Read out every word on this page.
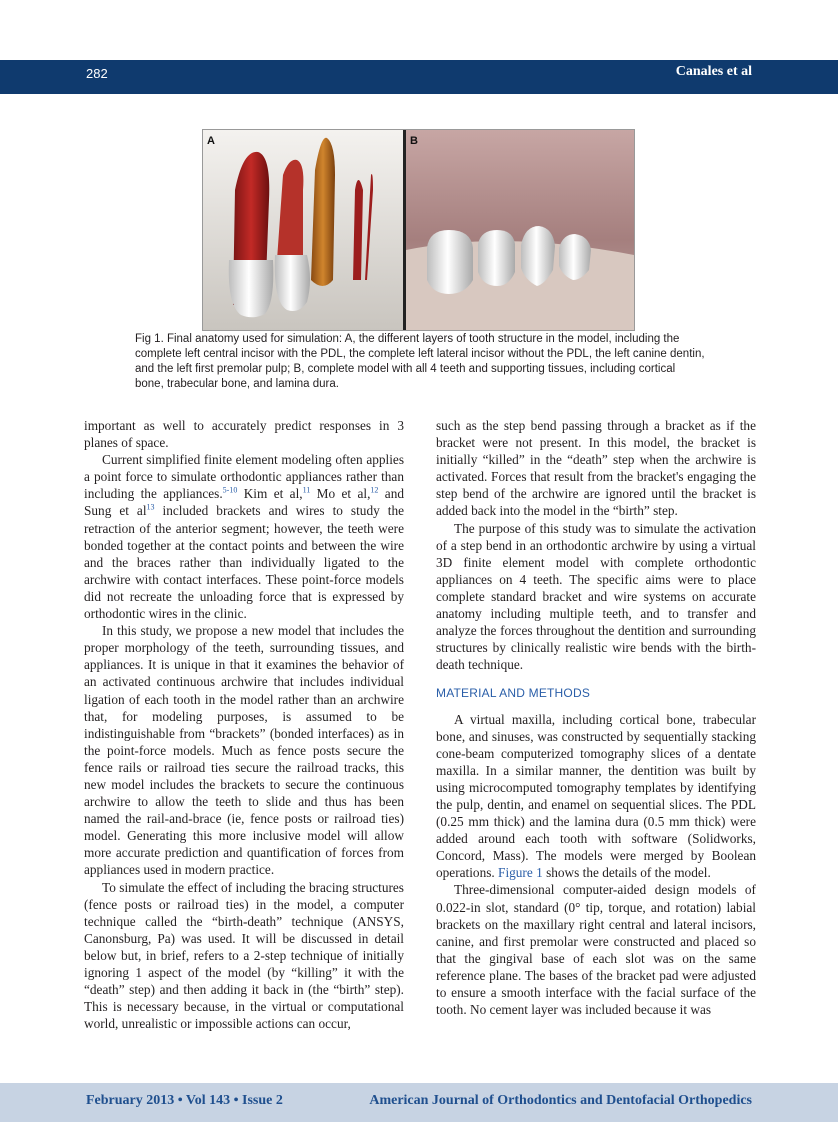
282	Canales et al
A	B
Fig 1. Final anatomy used for simulation: A, the different layers of tooth structure in the model, including the complete left central incisor with the PDL, the complete left lateral incisor without the PDL, the left canine dentin, and the left first premolar pulp; B, complete model with all 4 teeth and supporting tissues, including cortical bone, trabecular bone, and lamina dura.

important as well to accurately predict responses in 3 planes of space.

Current simplified finite element modeling often applies a point force to simulate orthodontic appliances rather than including the appliances.$^{5-10}$ Kim et al,$^{11}$ Mo et al,$^{12}$ and Sung et $al^{13}$ included brackets and wires to study the retraction of the anterior segment; however, the teeth were bonded together at the contact points and between the wire and the braces rather than individually ligated to the archwire with contact interfaces. These point-force models did not recreate the unloading force that is expressed by orthodontic wires in the clinic.

In this study, we propose a new model that includes the proper morphology of the teeth, surrounding tissues, and appliances. It is unique in that it examines the behavior of an activated continuous archwire that includes individual ligation of each tooth in the model rather than an archwire that, for modeling purposes, is assumed to be indistinguishable from “brackets” (bonded interfaces) as in the point-force models. Much as fence posts secure the fence rails or railroad ties secure the railroad tracks, this new model includes the brackets to secure the continuous archwire to allow the teeth to slide and thus has been named the rail-and-brace (ie, fence posts or railroad ties) model. Generating this more inclusive model will allow more accurate prediction and quantification of forces from appliances used in modern practice.

To simulate the effect of including the bracing structures (fence posts or railroad ties) in the model, a computer technique called the “birth-death” technique (ANSYS, Canonsburg, Pa) was used. It will be discussed in detail below but, in brief, refers to a 2-step technique of initially ignoring 1 aspect of the model (by “killing” it with the “death” step) and then adding it back in (the “birth” step). This is necessary because, in the virtual or computational world, unrealistic or impossible actions can occur,

such as the step bend passing through a bracket as if the bracket were not present. In this model, the bracket is initially “killed” in the “death” step when the archwire is activated. Forces that result from the bracket's engaging the step bend of the archwire are ignored until the bracket is added back into the model in the “birth” step.

The purpose of this study was to simulate the activation of a step bend in an orthodontic archwire by using a virtual 3D finite element model with complete orthodontic appliances on 4 teeth. The specific aims were to place complete standard bracket and wire systems on accurate anatomy including multiple teeth, and to transfer and analyze the forces throughout the dentition and surrounding structures by clinically realistic wire bends with the birth-death technique.

MATERIAL AND METHODS

A virtual maxilla, including cortical bone, trabecular bone, and sinuses, was constructed by sequentially stacking cone-beam computerized tomography slices of a dentate maxilla. In a similar manner, the dentition was built by using microcomputed tomography templates by identifying the pulp, dentin, and enamel on sequential slices. The PDL (0.25 mm thick) and the lamina dura (0.5 mm thick) were added around each tooth with software (Solidworks, Concord, Mass). The models were merged by Boolean operations. Figure 1 shows the details of the model.

Three-dimensional computer-aided design models of 0.022-in slot, standard (0° tip, torque, and rotation) labial brackets on the maxillary right central and lateral incisors, canine, and first premolar were constructed and placed so that the gingival base of each slot was on the same reference plane. The bases of the bracket pad were adjusted to ensure a smooth interface with the facial surface of the tooth. No cement layer was included because it was

February 2013 • Vol 143 • Issue 2	American Journal of Orthodontics and Dentofacial Orthopedics
